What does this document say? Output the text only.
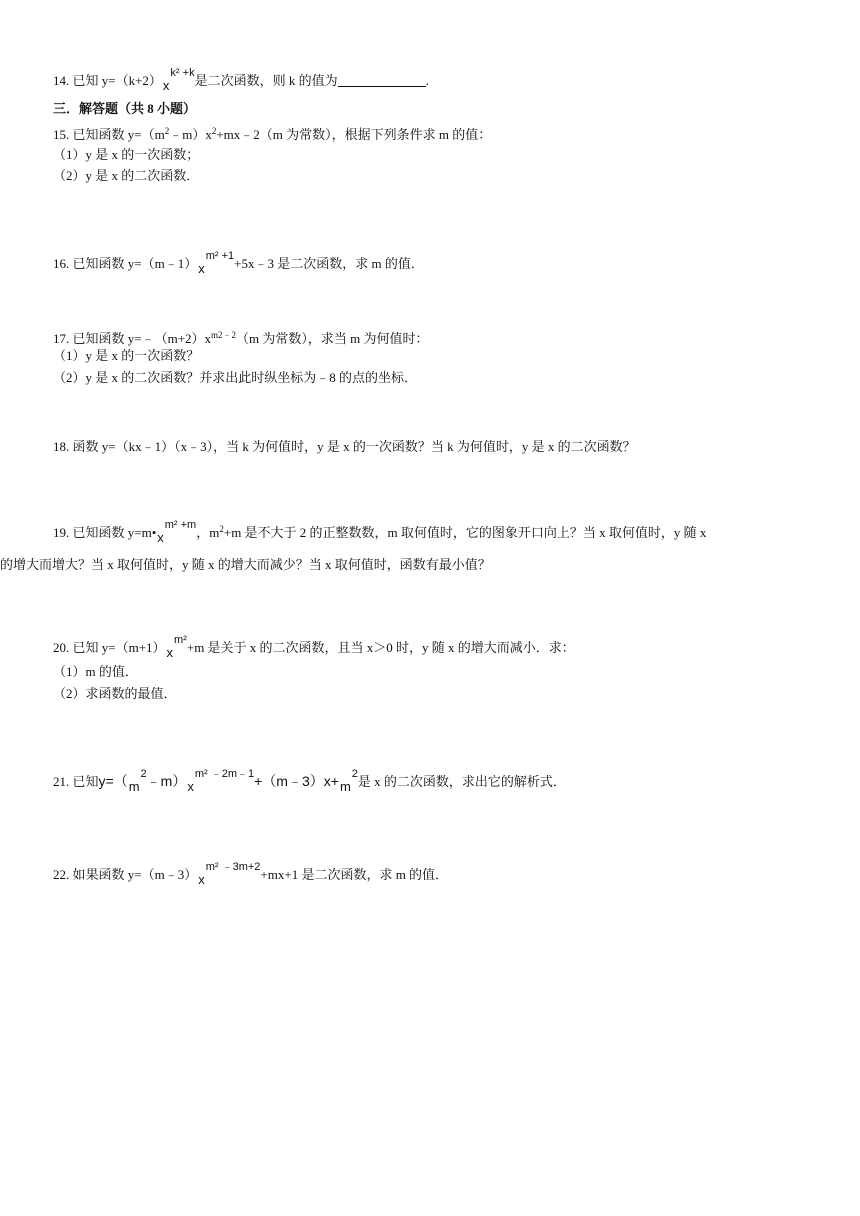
14. 已知 $y=(k+2)x^{k^2 +k}$是二次函数，则 k 的值为	.
三．解答题（共 8 小题）
15. 已知函数 $y=(m^2﹣m)x^2+mx﹣2(m$ 为常数），根据下列条件求 m 的值：
（1）y 是 x 的一次函数；
（2）y 是 x 的二次函数．
16. 已知函数 $y=(m﹣1)x^{m^2 +1}+5x﹣3$ 是二次函数，求 m 的值．
17. 已知函数 $y=﹣(m+2)x^{m2﹣2}(m$ 为常数），求当 m 为何值时：
（1）y 是 x 的一次函数？
（2）y 是 x 的二次函数？并求出此时纵坐标为﹣8 的点的坐标．
18. 函数 y=（kx﹣1）（x﹣3），当 k 为何值时，y 是 x 的一次函数？当 k 为何值时，y 是 x 的二次函数？
19. 已知函数 $y=m•x^{m^2 +m}$，$m^2+m$ 是不大于 2 的正整数数，m 取何值时，它的图象开口向上？当 x 取何值时，y 随 x
的增大而增大？当 x 取何值时，y 随 x 的增大而减少？当 x 取何值时，函数有最小值？
20. 已知 $y=(m+1)x^{m^2}+m$ 是关于 x 的二次函数，且当 x＞0 时，y 随 x 的增大而减小．求：
（1）m 的值．
（2）求函数的最值．
21. 已知$y=(m^2﹣m)x^{m^2 ﹣2m﹣1}+(m﹣3)x+m^2$是 x 的二次函数，求出它的解析式．
22. 如果函数 $y=(m﹣3)x^{m^2 ﹣3m+2}+mx+1$ 是二次函数，求 m 的值．
